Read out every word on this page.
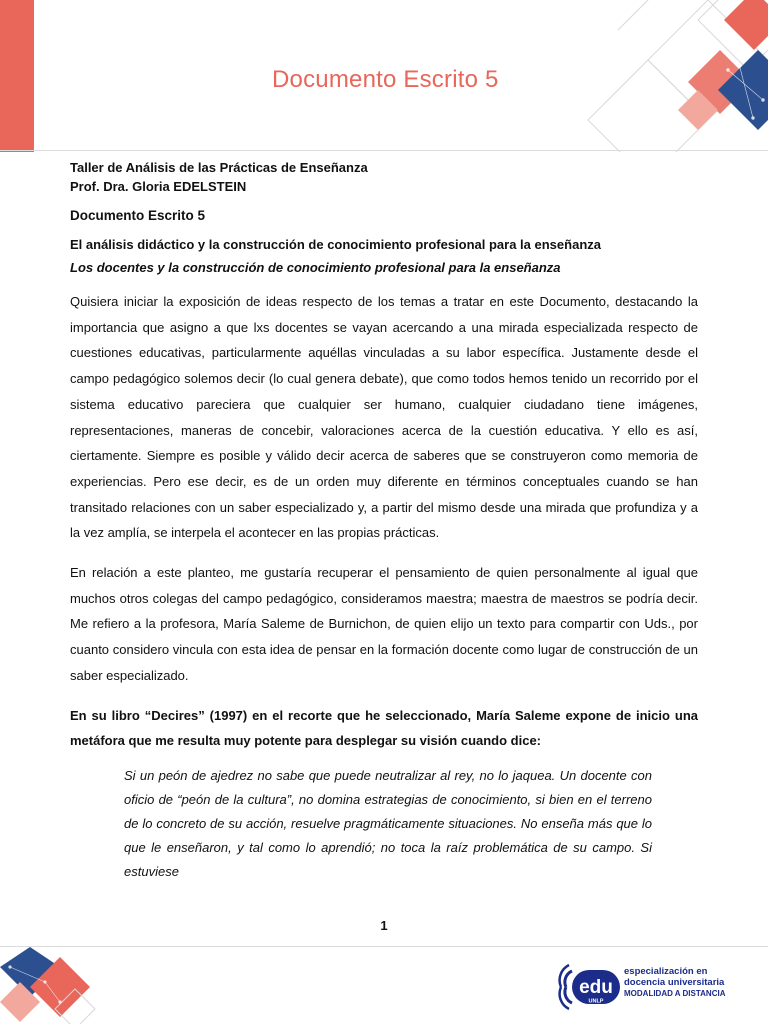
Documento Escrito 5
Taller de Análisis de las Prácticas de Enseñanza
Prof. Dra. Gloria EDELSTEIN
Documento Escrito 5
El análisis didáctico y la construcción de conocimiento profesional para la enseñanza
Los docentes y la construcción de conocimiento profesional para la enseñanza
Quisiera iniciar la exposición de ideas respecto de los temas a tratar en este Documento, destacando la importancia que asigno a que lxs docentes se vayan acercando a una mirada especializada respecto de cuestiones educativas, particularmente aquéllas vinculadas a su labor específica. Justamente desde el campo pedagógico solemos decir (lo cual genera debate), que como todos hemos tenido un recorrido por el sistema educativo pareciera que cualquier ser humano, cualquier ciudadano tiene imágenes, representaciones, maneras de concebir, valoraciones acerca de la cuestión educativa. Y ello es así, ciertamente. Siempre es posible y válido decir acerca de saberes que se construyeron como memoria de experiencias. Pero ese decir, es de un orden muy diferente en términos conceptuales cuando se han transitado relaciones con un saber especializado y, a partir del mismo desde una mirada que profundiza y a la vez amplía, se interpela el acontecer en las propias prácticas.
En relación a este planteo, me gustaría recuperar el pensamiento de quien personalmente al igual que muchos otros colegas del campo pedagógico, consideramos maestra; maestra de maestros se podría decir. Me refiero a la profesora, María Saleme de Burnichon, de quien elijo un texto para compartir con Uds., por cuanto considero vincula con esta idea de pensar en la formación docente como lugar de construcción de un saber especializado.
En su libro “Decires” (1997) en el recorte que he seleccionado, María Saleme expone de inicio una metáfora que me resulta muy potente para desplegar su visión cuando dice:
Si un peón de ajedrez no sabe que puede neutralizar al rey, no lo jaquea. Un docente con oficio de “peón de la cultura”, no domina estrategias de conocimiento, si bien en el terreno de lo concreto de su acción, resuelve pragmáticamente situaciones. No enseña más que lo que le enseñaron, y tal como lo aprendió; no toca la raíz problemática de su campo. Si estuviese
1
edu
UNLP
especialización en
docencia universitaria
MODALIDAD A DISTANCIA
